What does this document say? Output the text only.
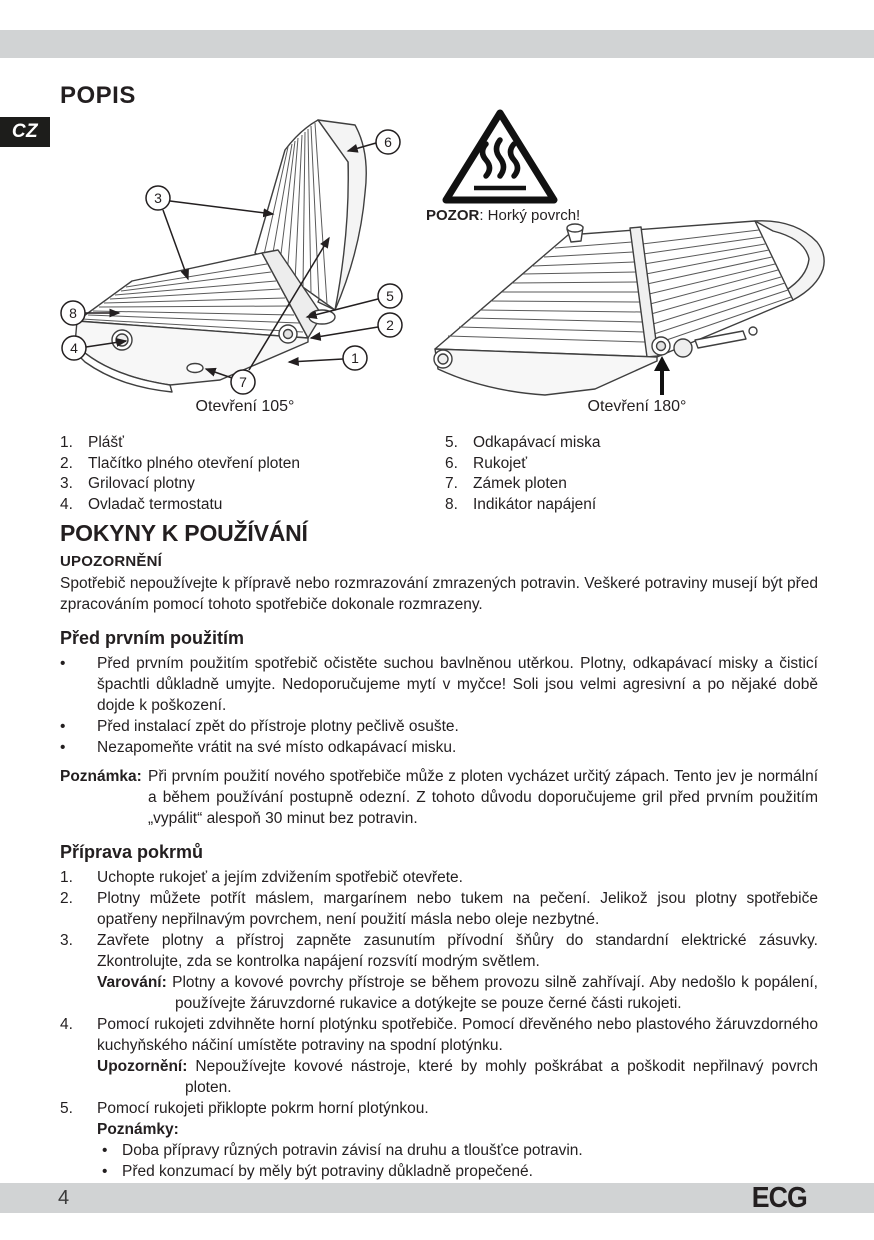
POPIS
CZ	6
3
8
4
5
2
1
7
Otevření 105°
POZOR: Horký povrch!
Otevření 180°
1. Plášť
2. Tlačítko plného otevření ploten
3. Grilovací plotny
4. Ovladač termostatu
5. Odkapávací miska
6. Rukojeť
7. Zámek ploten
8. Indikátor napájení
POKYNY K POUŽÍVÁNÍ
UPOZORNĚNÍ

Spotřebič nepoužívejte k přípravě nebo rozmrazování zmrazených potravin. Veškeré potraviny musejí být před zpracováním pomocí tohoto spotřebiče dokonale rozmrazeny.

Před prvním použitím
•	Před prvním použitím spotřebič očistěte suchou bavlněnou utěrkou. Plotny, odkapávací misky a čisticí špachtli důkladně umyjte. Nedoporučujeme mytí v myčce! Soli jsou velmi agresivní a po nějaké době dojde k poškození.

•	Před instalací zpět do přístroje plotny pečlivě osušte.

•	Nezapomeňte vrátit na své místo odkapávací misku.

Poznámka: Při prvním použití nového spotřebiče může z ploten vycházet určitý zápach. Tento jev je normální a během používání postupně odezní. Z tohoto důvodu doporučujeme gril před prvním použitím „vypálit“ alespoň 30 minut bez potravin.

Příprava pokrmů
1.	Uchopte rukojeť a jejím zdvižením spotřebič otevřete.

2.	Plotny můžete potřít máslem, margarínem nebo tukem na pečení. Jelikož jsou plotny spotřebiče opatřeny nepřilnavým povrchem, není použití másla nebo oleje nezbytné.

3.	Zavřete plotny a přístroj zapněte zasunutím přívodní šňůry do standardní elektrické zásuvky. Zkontrolujte, zda se kontrolka napájení rozsvítí modrým světlem.

Varování: Plotny a kovové povrchy přístroje se během provozu silně zahřívají. Aby nedošlo k popálení, používejte žáruvzdorné rukavice a dotýkejte se pouze černé části rukojeti.

4.	Pomocí rukojeti zdvihněte horní plotýnku spotřebiče. Pomocí dřevěného nebo plastového žáruvzdorného kuchyňského náčiní umístěte potraviny na spodní plotýnku.

Upozornění: Nepoužívejte kovové nástroje, které by mohly poškrábat a poškodit nepřilnavý povrch ploten.

5.	Pomocí rukojeti přiklopte pokrm horní plotýnkou.

Poznámky:

• Doba přípravy různých potravin závisí na druhu a tloušťce potravin.

• Před konzumací by měly být potraviny důkladně propečené.

4	ECG
